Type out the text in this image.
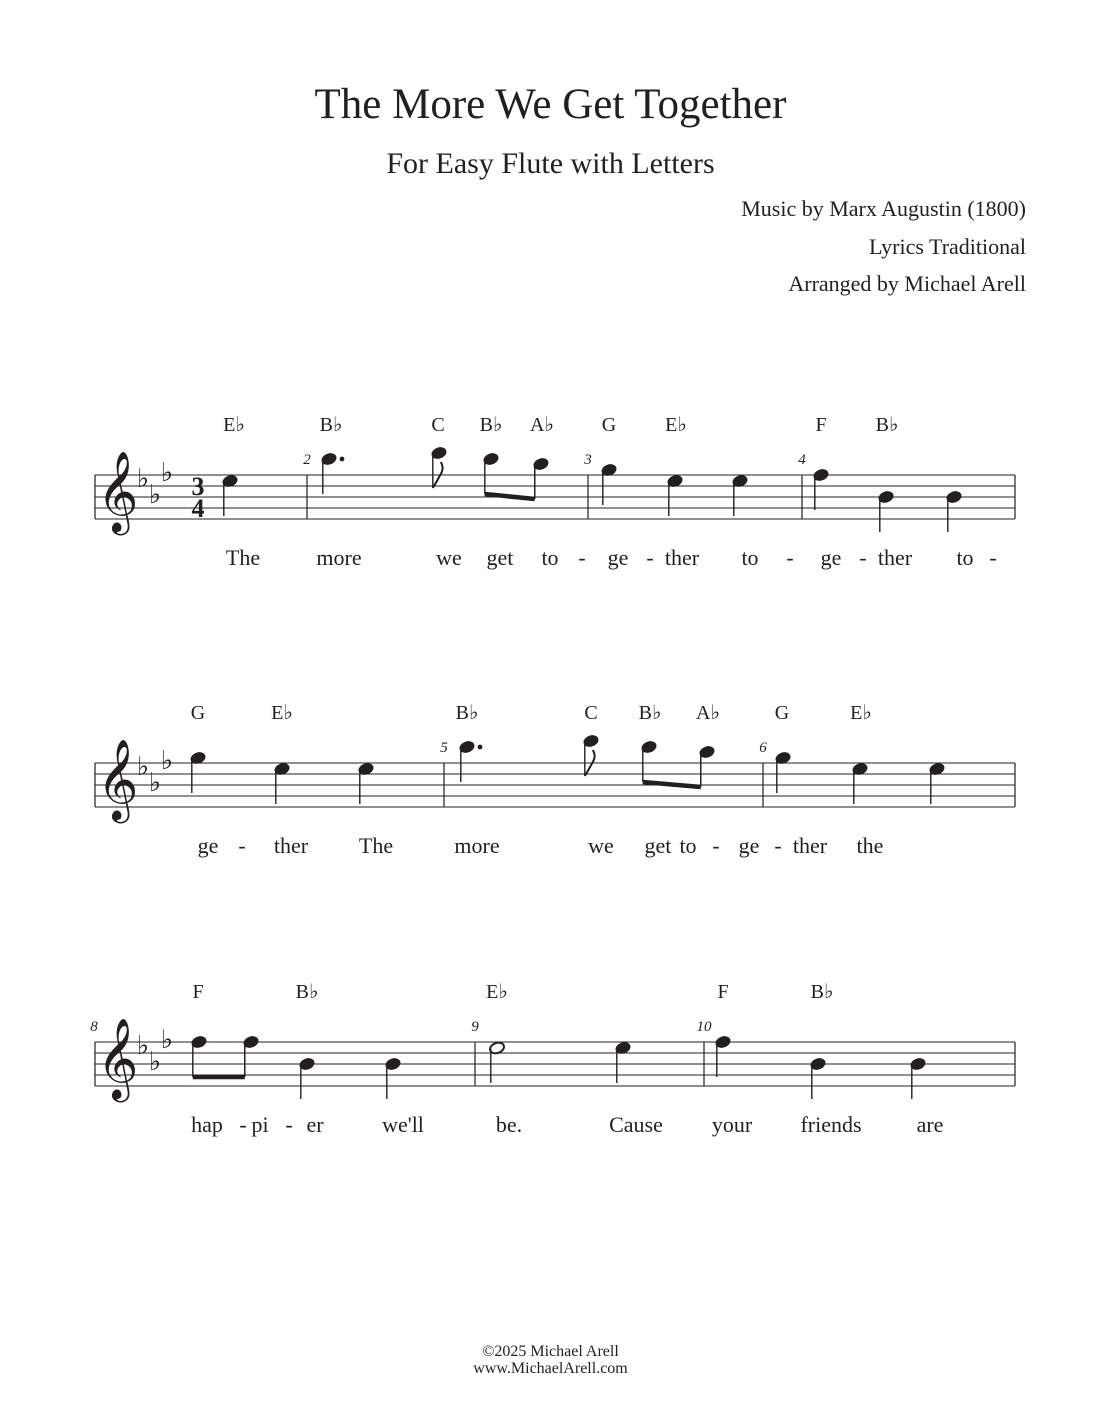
The More We Get Together
For Easy Flute with Letters
Music by Marx Augustin (1800)
Lyrics Traditional
Arranged by Michael Arell
𝄞
♭
♭
♭
E♭	B♭	C B♭ A♭ G E♭	F B♭
2	3	4
The	more	we get to - ge - ther to - ge - ther to -
3
4
𝄞
♭
♭
♭
G	E♭	B♭	C B♭ A♭	G	E♭
5	6
ge - ther The	more	we get to - ge - ther the
𝄞
♭
♭
♭
F	B♭	E♭	F	B♭
8	9	10
hap - pi - er	we'll	be.	Cause your friends	are
©2025 Michael Arell
www.MichaelArell.com
